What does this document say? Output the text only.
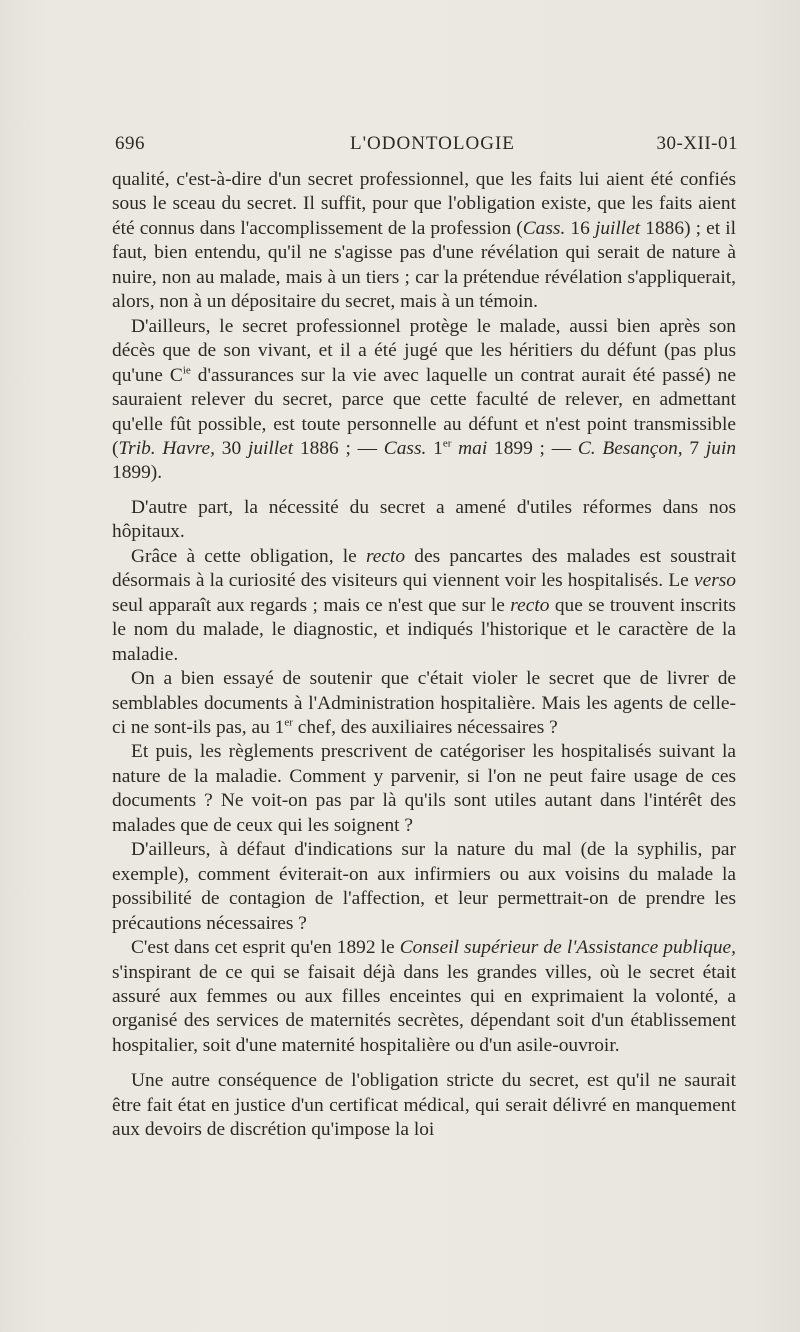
696	L'ODONTOLOGIE	30-XII-01

qualité, c'est-à-dire d'un secret professionnel, que les faits lui aient été confiés sous le sceau du secret. Il suffit, pour que l'obligation existe, que les faits aient été connus dans l'accomplissement de la profession (Cass. 16 juillet 1886) ; et il faut, bien entendu, qu'il ne s'agisse pas d'une révélation qui serait de nature à nuire, non au malade, mais à un tiers ; car la prétendue révélation s'appliquerait, alors, non à un dépositaire du secret, mais à un témoin.

D'ailleurs, le secret professionnel protège le malade, aussi bien après son décès que de son vivant, et il a été jugé que les héritiers du défunt (pas plus qu'une $C^{ie}$ d'assurances sur la vie avec laquelle un contrat aurait été passé) ne sauraient relever du secret, parce que cette faculté de relever, en admettant qu'elle fût possible, est toute personnelle au défunt et n'est point transmissible (Trib. Havre, 30 juillet 1886 ; — Cass. 1er mai 1899 ; — C. Besançon, 7 juin 1899).

D'autre part, la nécessité du secret a amené d'utiles réformes dans nos hôpitaux.

Grâce à cette obligation, le recto des pancartes des malades est soustrait désormais à la curiosité des visiteurs qui viennent voir les hospitalisés. Le verso seul apparaît aux regards ; mais ce n'est que sur le recto que se trouvent inscrits le nom du malade, le diagnostic, et indiqués l'historique et le caractère de la maladie.

On a bien essayé de soutenir que c'était violer le secret que de livrer de semblables documents à l'Administration hospitalière. Mais les agents de celle-ci ne sont-ils pas, au 1er chef, des auxiliaires nécessaires ?

Et puis, les règlements prescrivent de catégoriser les hospitalisés suivant la nature de la maladie. Comment y parvenir, si l'on ne peut faire usage de ces documents ? Ne voit-on pas par là qu'ils sont utiles autant dans l'intérêt des malades que de ceux qui les soignent ?

D'ailleurs, à défaut d'indications sur la nature du mal (de la syphilis, par exemple), comment éviterait-on aux infirmiers ou aux voisins du malade la possibilité de contagion de l'affection, et leur permettrait-on de prendre les précautions nécessaires ?

C'est dans cet esprit qu'en 1892 le Conseil supérieur de l'Assistance publique, s'inspirant de ce qui se faisait déjà dans les grandes villes, où le secret était assuré aux femmes ou aux filles enceintes qui en exprimaient la volonté, a organisé des services de maternités secrètes, dépendant soit d'un établissement hospitalier, soit d'une maternité hospitalière ou d'un asile-ouvroir.

Une autre conséquence de l'obligation stricte du secret, est qu'il ne saurait être fait état en justice d'un certificat médical, qui serait délivré en manquement aux devoirs de discrétion qu'impose la loi
